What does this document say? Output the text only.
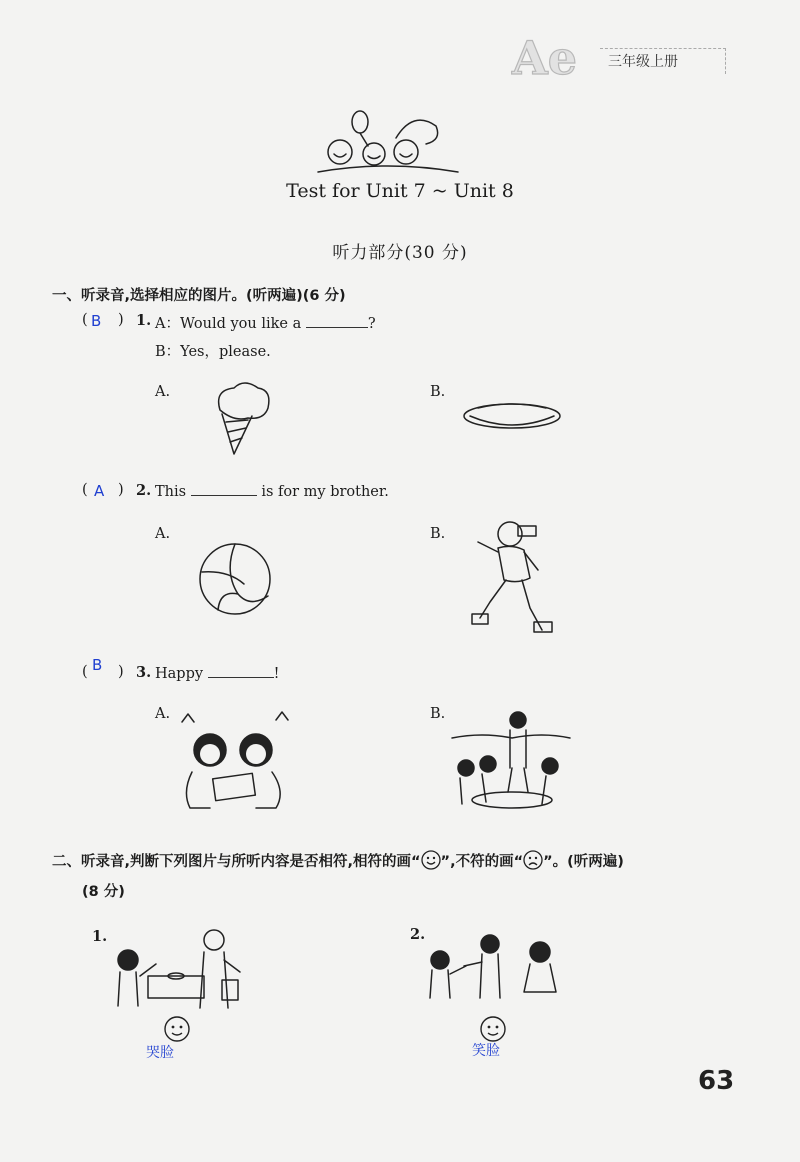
Ae	三年级上册
Test for Unit 7 ~ Unit 8
听力部分(30 分)
一、听录音,选择相应的图片。(听两遍)(6 分)
( B ) 1. A：Would you like a	?
B：Yes，please.
A.	B.
( A ) 2. This	is for my brother.
A.	B.
( B ) 3. Happy	!
A.	B.
二、听录音,判断下列图片与所听内容是否相符,相符的画“ ”,不符的画“ ”。(听两遍)
(8 分)
1.
哭脸
2.
笑脸
63
